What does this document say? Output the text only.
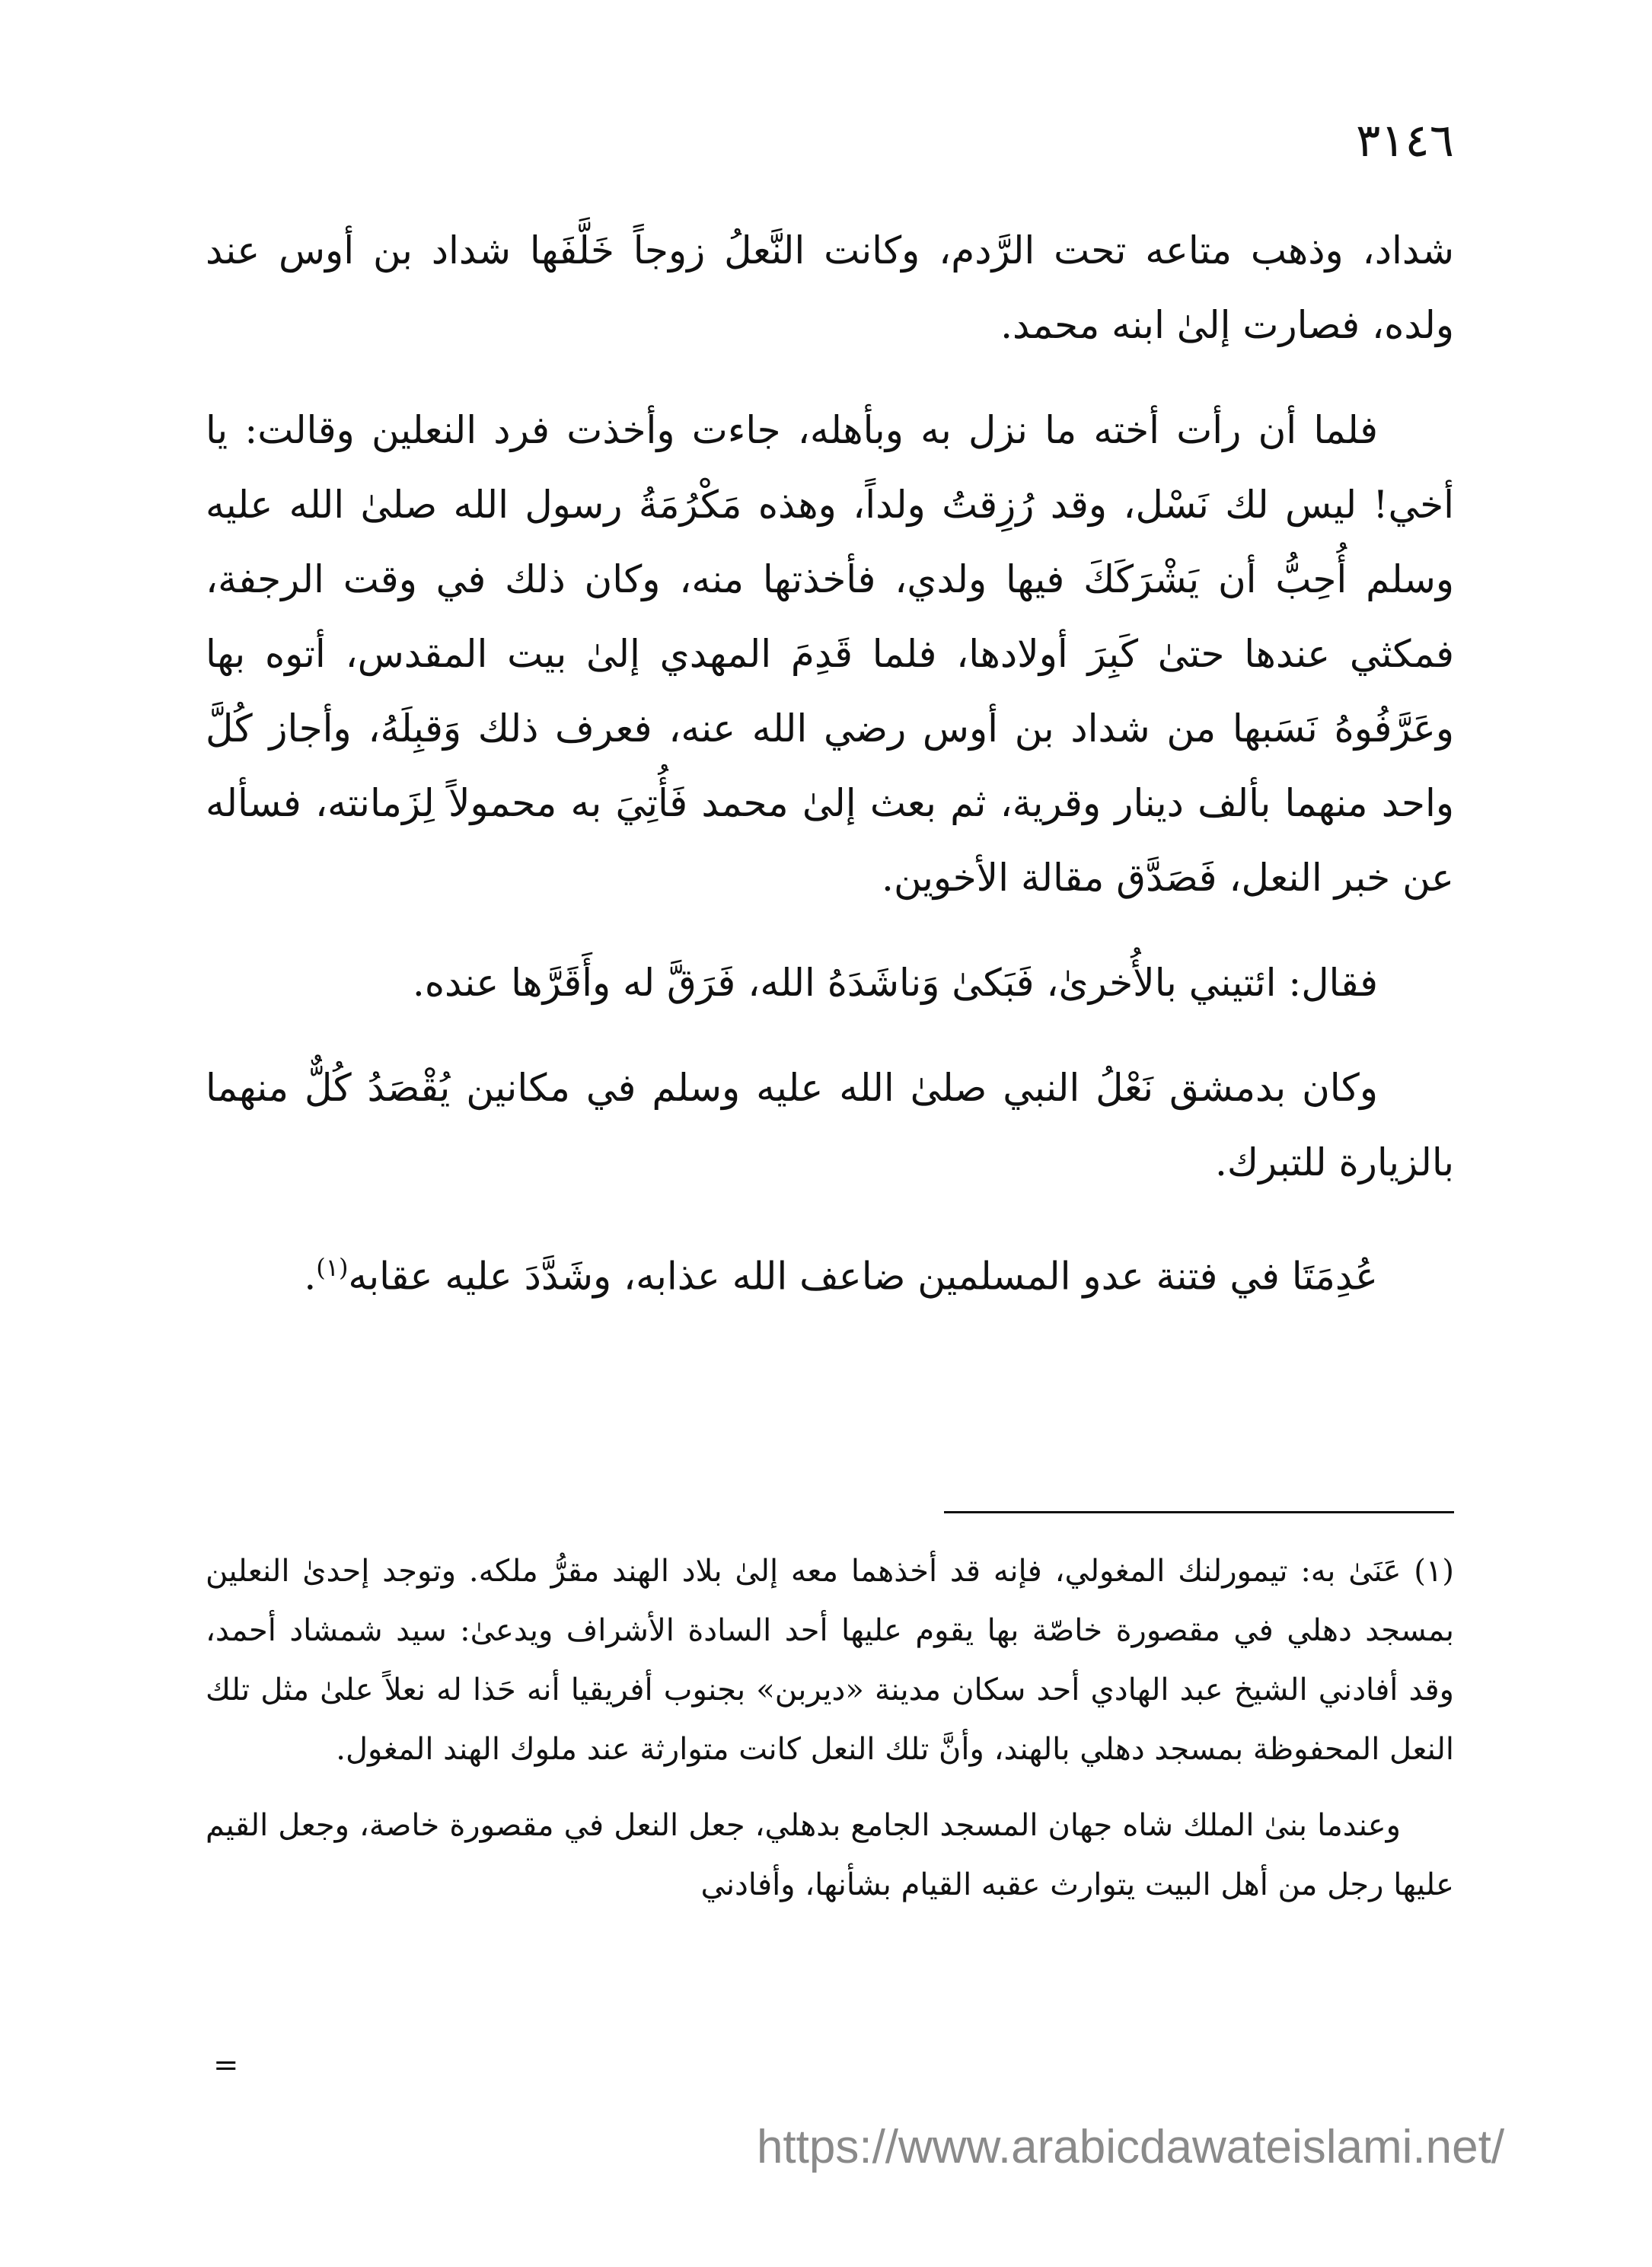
٣١٤٦

شداد، وذهب متاعه تحت الرَّدم، وكانت النَّعلُ زوجاً خَلَّفَها شداد بن أوس عند ولده، فصارت إلىٰ ابنه محمد.

فلما أن رأت أخته ما نزل به وبأهله، جاءت وأخذت فرد النعلين وقالت: يا أخي! ليس لك نَسْل، وقد رُزِقتُ ولداً، وهذه مَكْرُمَةُ رسول الله صلىٰ الله عليه وسلم أُحِبُّ أن يَشْرَكَكَ فيها ولدي، فأخذتها منه، وكان ذلك في وقت الرجفة، فمكثي عندها حتىٰ كَبِرَ أولادها، فلما قَدِمَ المهدي إلىٰ بيت المقدس، أتوه بها وعَرَّفُوهُ نَسَبها من شداد بن أوس رضي الله عنه، فعرف ذلك وَقبِلَهُ، وأجاز كُلَّ واحد منهما بألف دينار وقرية، ثم بعث إلىٰ محمد فَأُتِيَ به محمولاً لِزَمانته، فسأله عن خبر النعل، فَصَدَّق مقالة الأخوين.

فقال: ائتيني بالأُخرىٰ، فَبَكىٰ وَناشَدَهُ الله، فَرَقَّ له وأَقَرَّها عنده.

وكان بدمشق نَعْلُ النبي صلىٰ الله عليه وسلم في مكانين يُقْصَدُ كُلٌّ منهما بالزيارة للتبرك.

عُدِمَتَا في فتنة عدو المسلمين ضاعف الله عذابه، وشَدَّدَ عليه عقابه$^{(١)}$.

(١) عَنَىٰ به: تيمورلنك المغولي، فإنه قد أخذهما معه إلىٰ بلاد الهند مقرُّ ملكه. وتوجد إحدىٰ النعلين بمسجد دهلي في مقصورة خاصّة بها يقوم عليها أحد السادة الأشراف ويدعىٰ: سيد شمشاد أحمد، وقد أفادني الشيخ عبد الهادي أحد سكان مدينة «ديربن» بجنوب أفريقيا أنه حَذا له نعلاً علىٰ مثل تلك النعل المحفوظة بمسجد دهلي بالهند، وأنَّ تلك النعل كانت متوارثة عند ملوك الهند المغول.

وعندما بنىٰ الملك شاه جهان المسجد الجامع بدهلي، جعل النعل في مقصورة خاصة، وجعل القيم عليها رجل من أهل البيت يتوارث عقبه القيام بشأنها، وأفادني

=
https://www.arabicdawateislami.net/
